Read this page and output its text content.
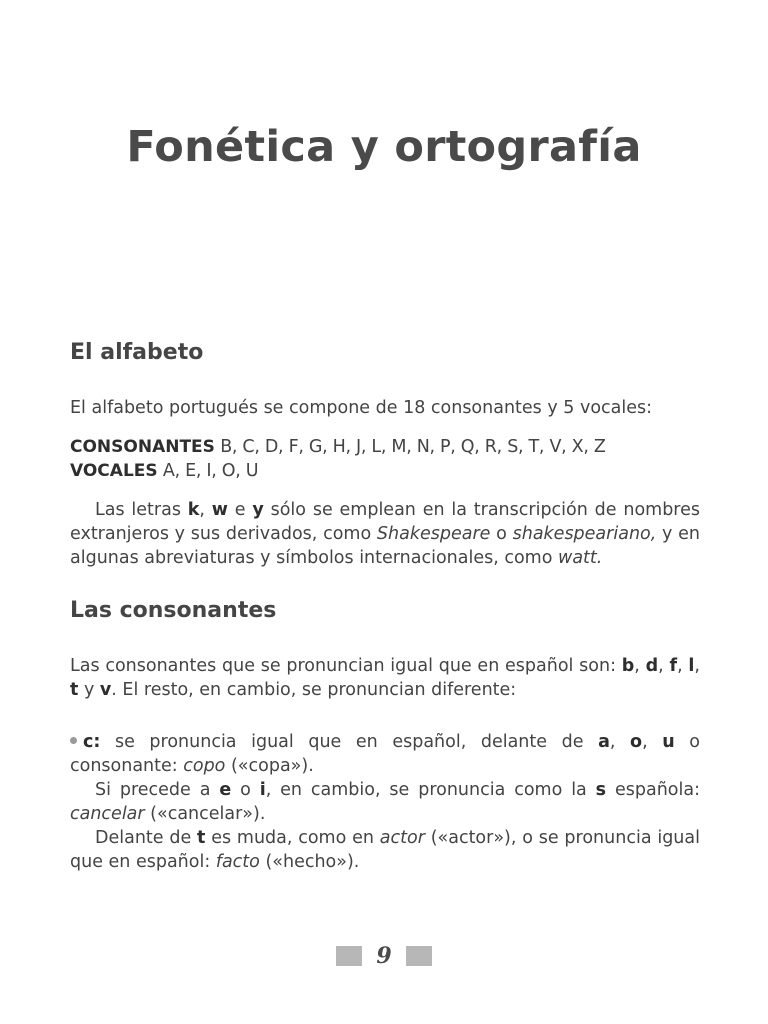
Fonética y ortografía
El alfabeto

El alfabeto portugués se compone de 18 consonantes y 5 vocales:

CONSONANTES B, C, D, F, G, H, J, L, M, N, P, Q, R, S, T, V, X, Z
VOCALES A, E, I, O, U

Las letras k, w e y sólo se emplean en la transcripción de nombres extranjeros y sus derivados, como Shakespeare o shakespeariano, y en algunas abreviaturas y símbolos internacionales, como watt.

Las consonantes

Las consonantes que se pronuncian igual que en español son: b, d, f, l, t y v. El resto, en cambio, se pronuncian diferente:

c: se pronuncia igual que en español, delante de a, o, u o consonante: copo («copa»).

Si precede a e o i, en cambio, se pronuncia como la s española: cancelar («cancelar»).

Delante de t es muda, como en actor («actor»), o se pronuncia igual que en español: facto («hecho»).

9
